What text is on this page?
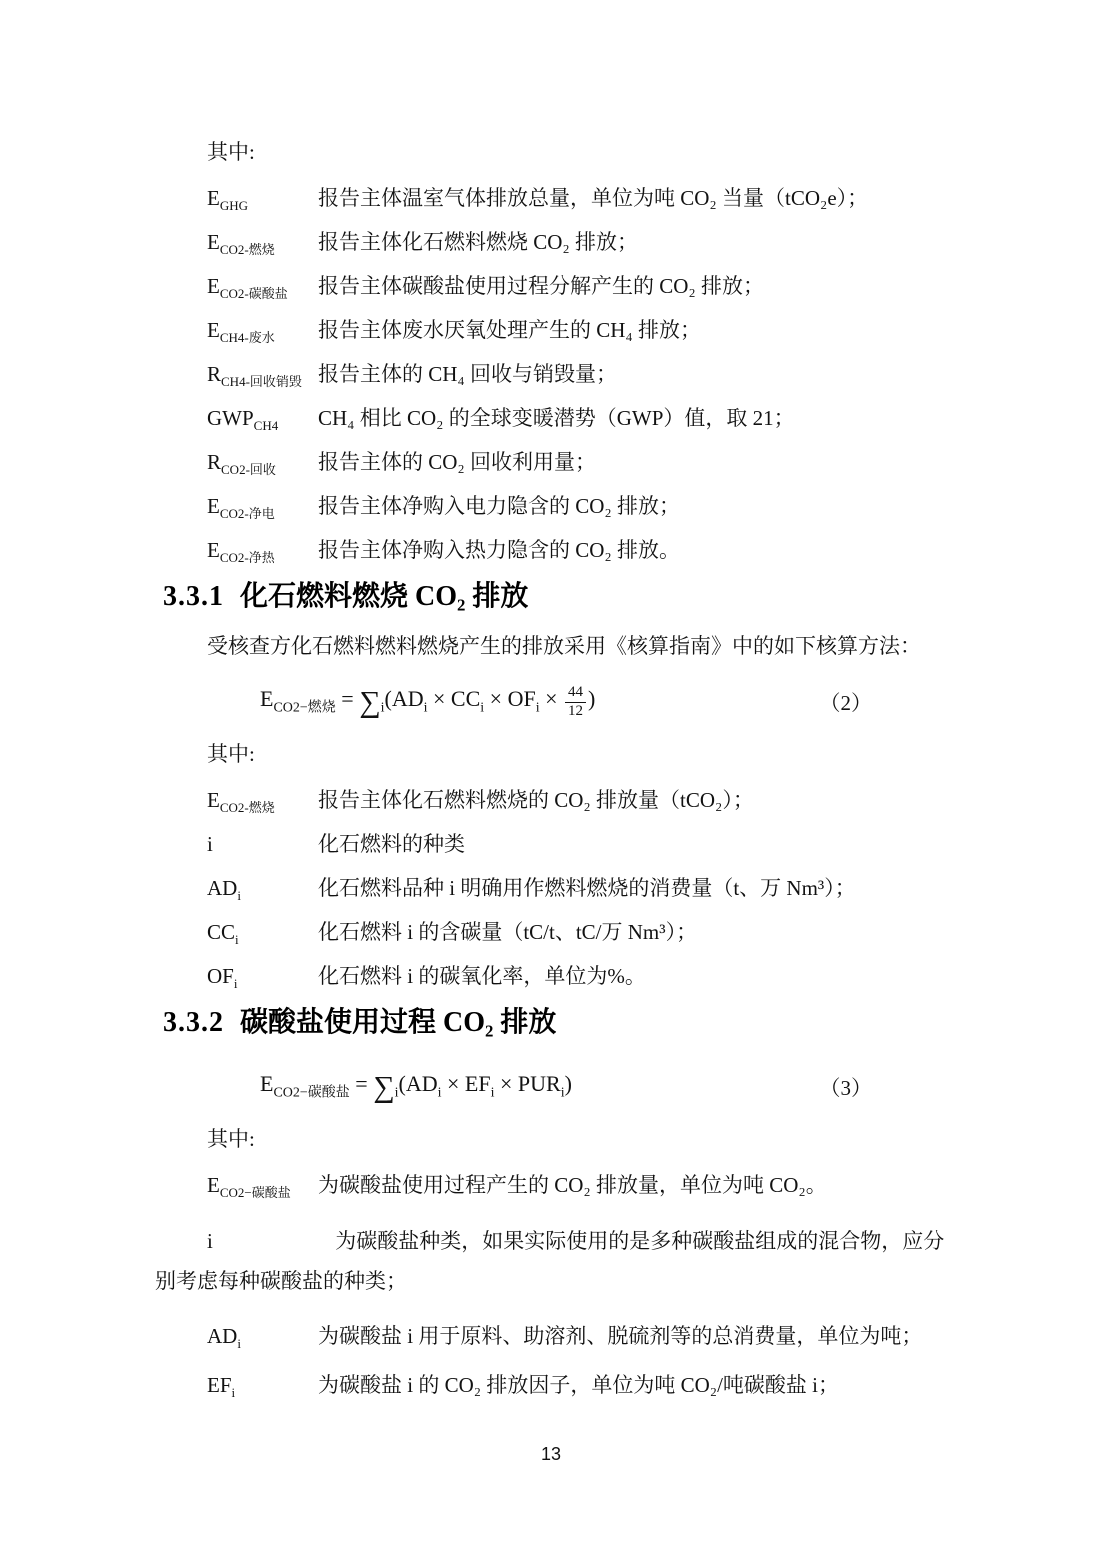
其中:

$E_{GHG}$	报告主体温室气体排放总量，单位为吨 CO₂ 当量（tCO₂e）；
$E_{CO2-燃烧}$	报告主体化石燃料燃烧 CO₂ 排放；
$E_{CO2-碳酸盐}$	报告主体碳酸盐使用过程分解产生的 CO₂ 排放；
$E_{CH4-废水}$	报告主体废水厌氧处理产生的 CH₄ 排放；
$R_{CH4-回收销毁}$ 报告主体的 CH₄ 回收与销毁量；
$GWP_{CH4}$	CH₄ 相比 CO₂ 的全球变暖潜势（GWP）值，取 21；
$R_{CO2-回收}$	报告主体的 CO₂ 回收利用量；
$E_{CO2-净电}$	报告主体净购入电力隐含的 CO₂ 排放；
$E_{CO2-净热}$	报告主体净购入热力隐含的 CO₂ 排放。
3.3.1 化石燃料燃烧 CO₂ 排放

受核查方化石燃料燃料燃烧产生的排放采用《核算指南》中的如下核算方法：

$E_{CO2-燃烧} = \sum_i(AD_i \times CC_i \times OF_i \times \frac{44}{12}$ )	（2）

其中:

$E_{CO2-燃烧}$	报告主体化石燃料燃烧的 CO₂ 排放量（tCO₂）；
i	化石燃料的种类
$AD_i$	化石燃料品种 i 明确用作燃料燃烧的消费量（t、万 Nm³）；
$CC_i$	化石燃料 i 的含碳量（tC/t、tC/万 Nm³）；
$OF_i$	化石燃料 i 的碳氧化率，单位为%。
3.3.2 碳酸盐使用过程 CO₂ 排放
$E_{CO2-碳酸盐} = \sum_i(AD_i \times EF_i \times PUR_i)$	（3）

其中:

$E_{CO2-碳酸盐}$	为碳酸盐使用过程产生的 CO₂ 排放量，单位为吨 CO₂。
i	为碳酸盐种类，如果实际使用的是多种碳酸盐组成的混合物，应分别考虑每种碳酸盐的种类；
$AD_i$	为碳酸盐 i 用于原料、助溶剂、脱硫剂等的总消费量，单位为吨；
$EF_i$	为碳酸盐 i 的 CO₂ 排放因子，单位为吨 CO₂/吨碳酸盐 i；
13
